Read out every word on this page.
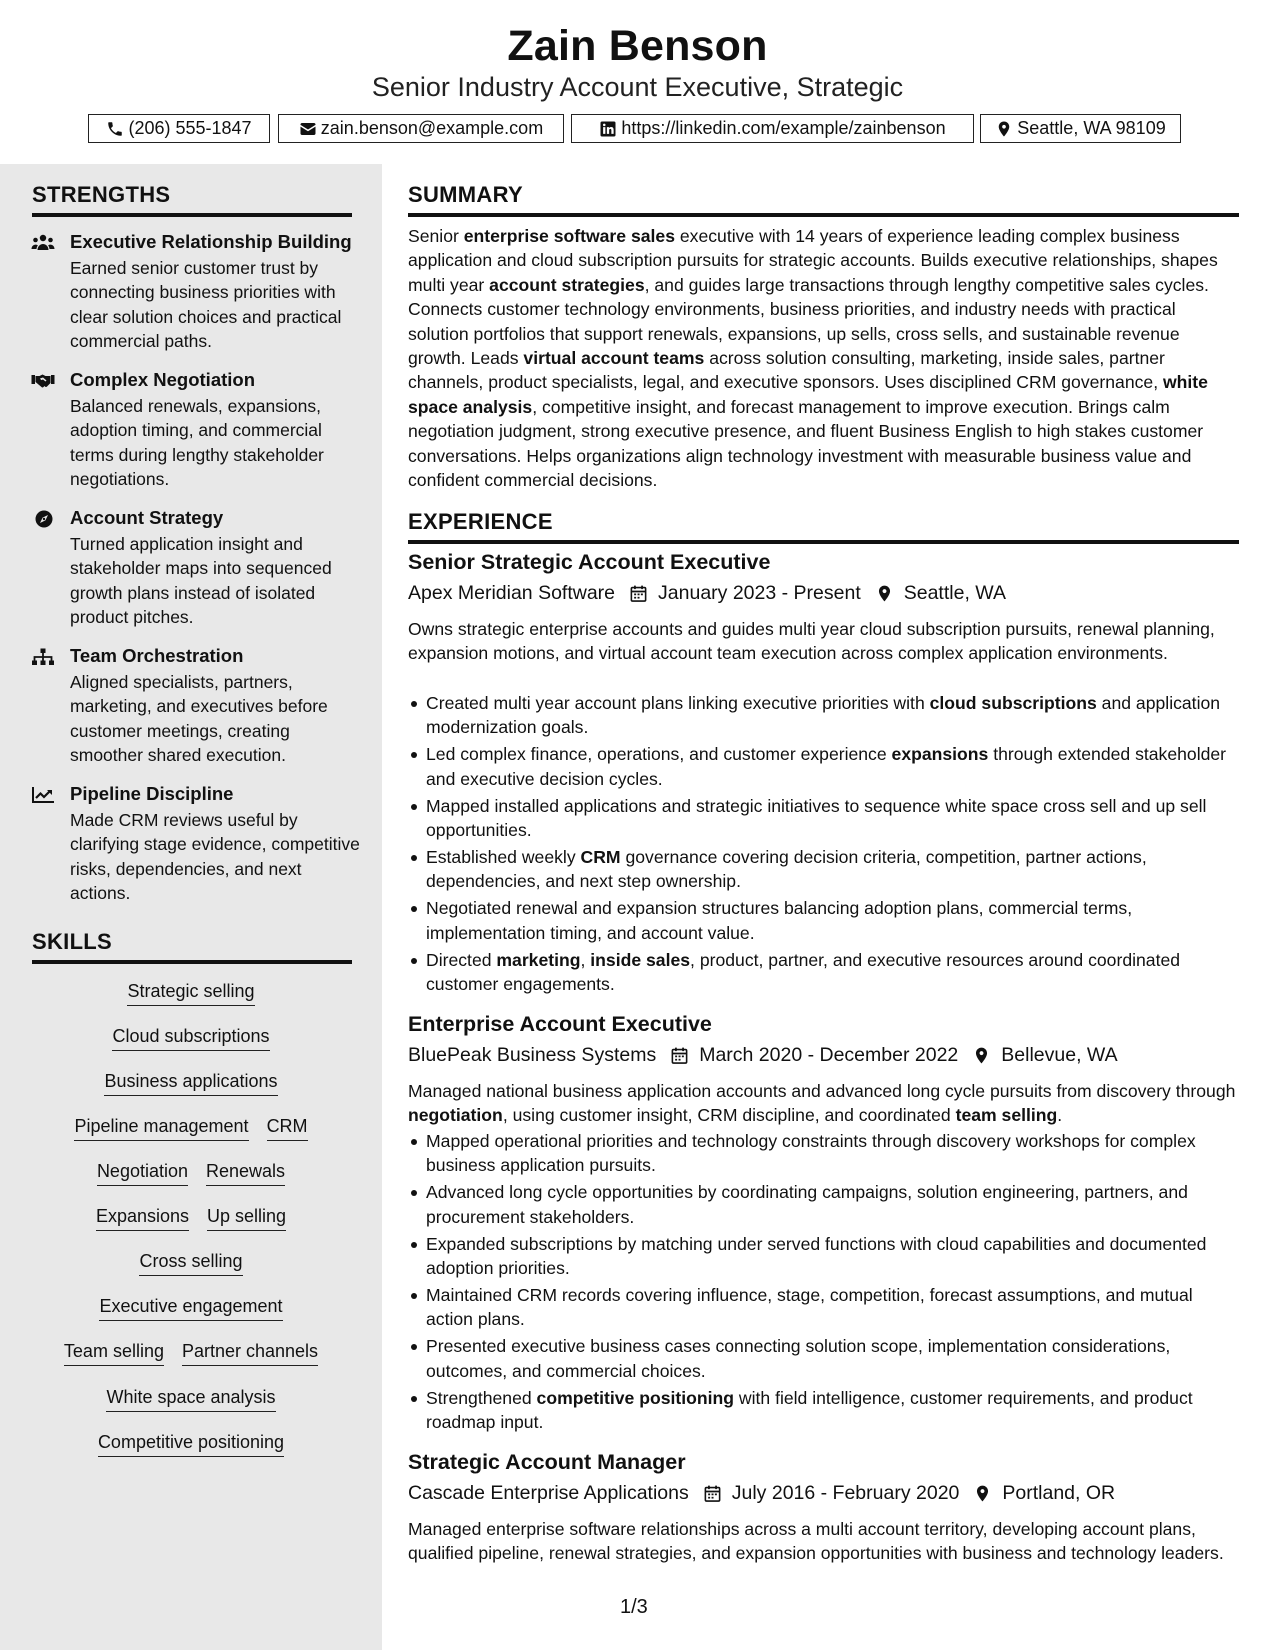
Zain Benson
Senior Industry Account Executive, Strategic
(206) 555-1847	zain.benson@example.com	https://linkedin.com/example/zainbenson	Seattle, WA 98109
STRENGTHS
Executive Relationship Building
Earned senior customer trust by connecting business priorities with clear solution choices and practical commercial paths.
Complex Negotiation
Balanced renewals, expansions, adoption timing, and commercial terms during lengthy stakeholder negotiations.
Account Strategy
Turned application insight and stakeholder maps into sequenced growth plans instead of isolated product pitches.
Team Orchestration
Aligned specialists, partners, marketing, and executives before customer meetings, creating smoother shared execution.
Pipeline Discipline
Made CRM reviews useful by clarifying stage evidence, competitive risks, dependencies, and next actions.
SKILLS
Strategic selling
Cloud subscriptions
Business applications
Pipeline management CRM
Negotiation Renewals
Expansions Up selling
Cross selling
Executive engagement
Team selling Partner channels
White space analysis
Competitive positioning
SUMMARY
Senior enterprise software sales executive with 14 years of experience leading complex business application and cloud subscription pursuits for strategic accounts. Builds executive relationships, shapes multi year account strategies, and guides large transactions through lengthy competitive sales cycles. Connects customer technology environments, business priorities, and industry needs with practical solution portfolios that support renewals, expansions, up sells, cross sells, and sustainable revenue growth. Leads virtual account teams across solution consulting, marketing, inside sales, partner channels, product specialists, legal, and executive sponsors. Uses disciplined CRM governance, white space analysis, competitive insight, and forecast management to improve execution. Brings calm negotiation judgment, strong executive presence, and fluent Business English to high stakes customer conversations. Helps organizations align technology investment with measurable business value and confident commercial decisions.
EXPERIENCE
Senior Strategic Account Executive
Apex Meridian Software January 2023 - Present Seattle, WA
Owns strategic enterprise accounts and guides multi year cloud subscription pursuits, renewal planning, expansion motions, and virtual account team execution across complex application environments.
Created multi year account plans linking executive priorities with cloud subscriptions and application modernization goals.
Led complex finance, operations, and customer experience expansions through extended stakeholder and executive decision cycles.
Mapped installed applications and strategic initiatives to sequence white space cross sell and up sell opportunities.
Established weekly CRM governance covering decision criteria, competition, partner actions, dependencies, and next step ownership.
Negotiated renewal and expansion structures balancing adoption plans, commercial terms, implementation timing, and account value.
Directed marketing, inside sales, product, partner, and executive resources around coordinated customer engagements.
Enterprise Account Executive
BluePeak Business Systems March 2020 - December 2022 Bellevue, WA
Managed national business application accounts and advanced long cycle pursuits from discovery through negotiation, using customer insight, CRM discipline, and coordinated team selling.
Mapped operational priorities and technology constraints through discovery workshops for complex business application pursuits.
Advanced long cycle opportunities by coordinating campaigns, solution engineering, partners, and procurement stakeholders.
Expanded subscriptions by matching under served functions with cloud capabilities and documented adoption priorities.
Maintained CRM records covering influence, stage, competition, forecast assumptions, and mutual action plans.
Presented executive business cases connecting solution scope, implementation considerations, outcomes, and commercial choices.
Strengthened competitive positioning with field intelligence, customer requirements, and product roadmap input.
Strategic Account Manager
Cascade Enterprise Applications July 2016 - February 2020 Portland, OR
Managed enterprise software relationships across a multi account territory, developing account plans, qualified pipeline, renewal strategies, and expansion opportunities with business and technology leaders.
1/3
